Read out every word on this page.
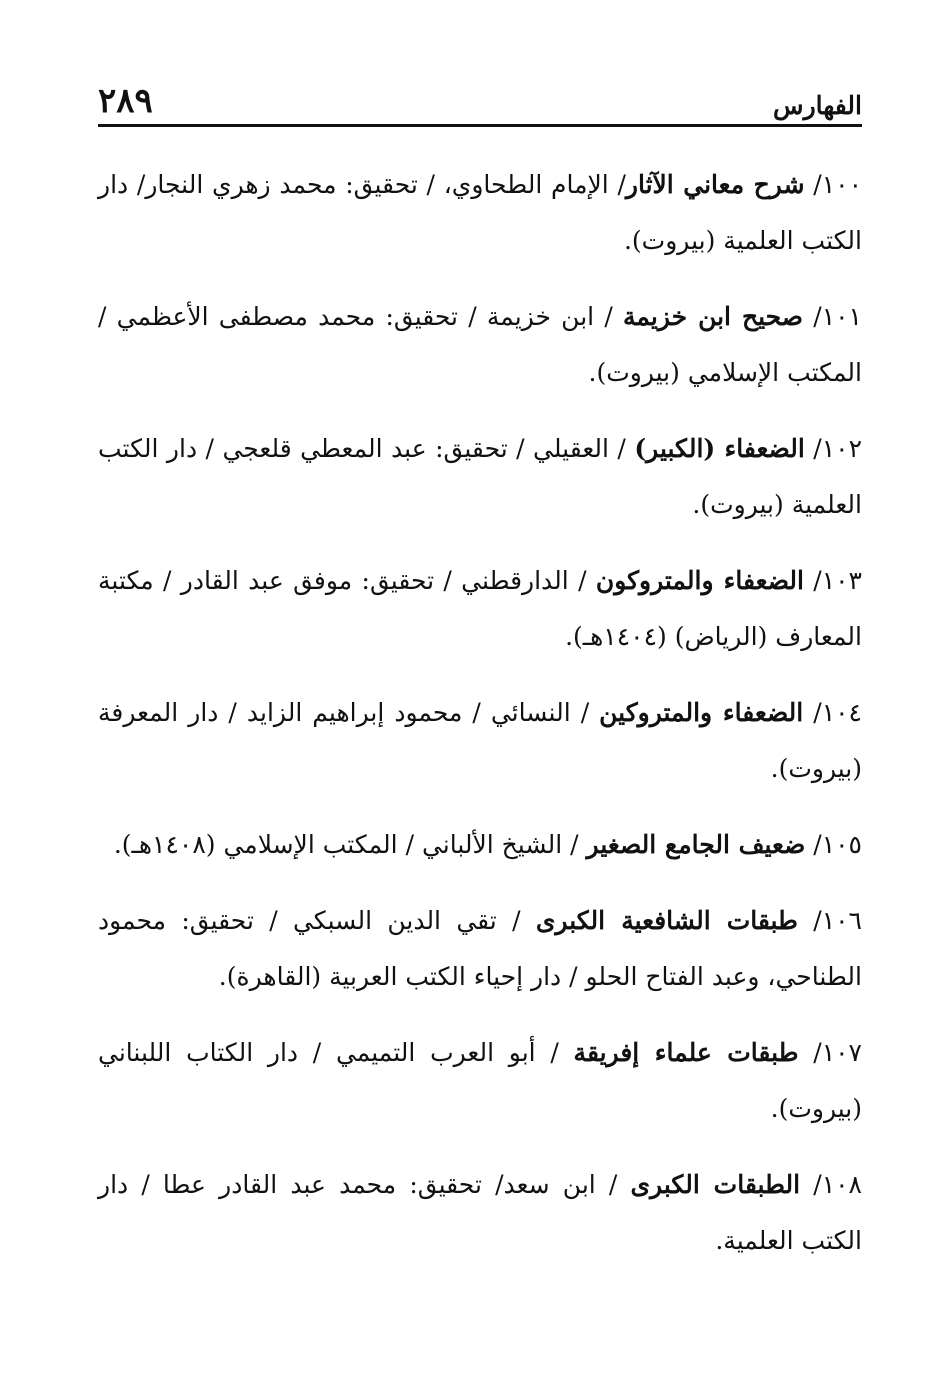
الفهارس
٢٨٩

١٠٠/ شرح معاني الآثار/ الإمام الطحاوي، / تحقيق: محمد زهري النجار/ دار الكتب العلمية (بيروت).

١٠١/ صحيح ابن خزيمة / ابن خزيمة / تحقيق: محمد مصطفى الأعظمي / المكتب الإسلامي (بيروت).

١٠٢/ الضعفاء (الكبير) / العقيلي / تحقيق: عبد المعطي قلعجي / دار الكتب العلمية (بيروت).

١٠٣/ الضعفاء والمتروكون / الدارقطني / تحقيق: موفق عبد القادر / مكتبة المعارف (الرياض) (١٤٠٤هـ).

١٠٤/ الضعفاء والمتروكين / النسائي / محمود إبراهيم الزايد / دار المعرفة (بيروت).

١٠٥/ ضعيف الجامع الصغير / الشيخ الألباني / المكتب الإسلامي (١٤٠٨هـ).

١٠٦/ طبقات الشافعية الكبرى / تقي الدين السبكي / تحقيق: محمود الطناحي، وعبد الفتاح الحلو / دار إحياء الكتب العربية (القاهرة).

١٠٧/ طبقات علماء إفريقة / أبو العرب التميمي / دار الكتاب اللبناني (بيروت).

١٠٨/ الطبقات الكبرى / ابن سعد/ تحقيق: محمد عبد القادر عطا / دار الكتب العلمية.
